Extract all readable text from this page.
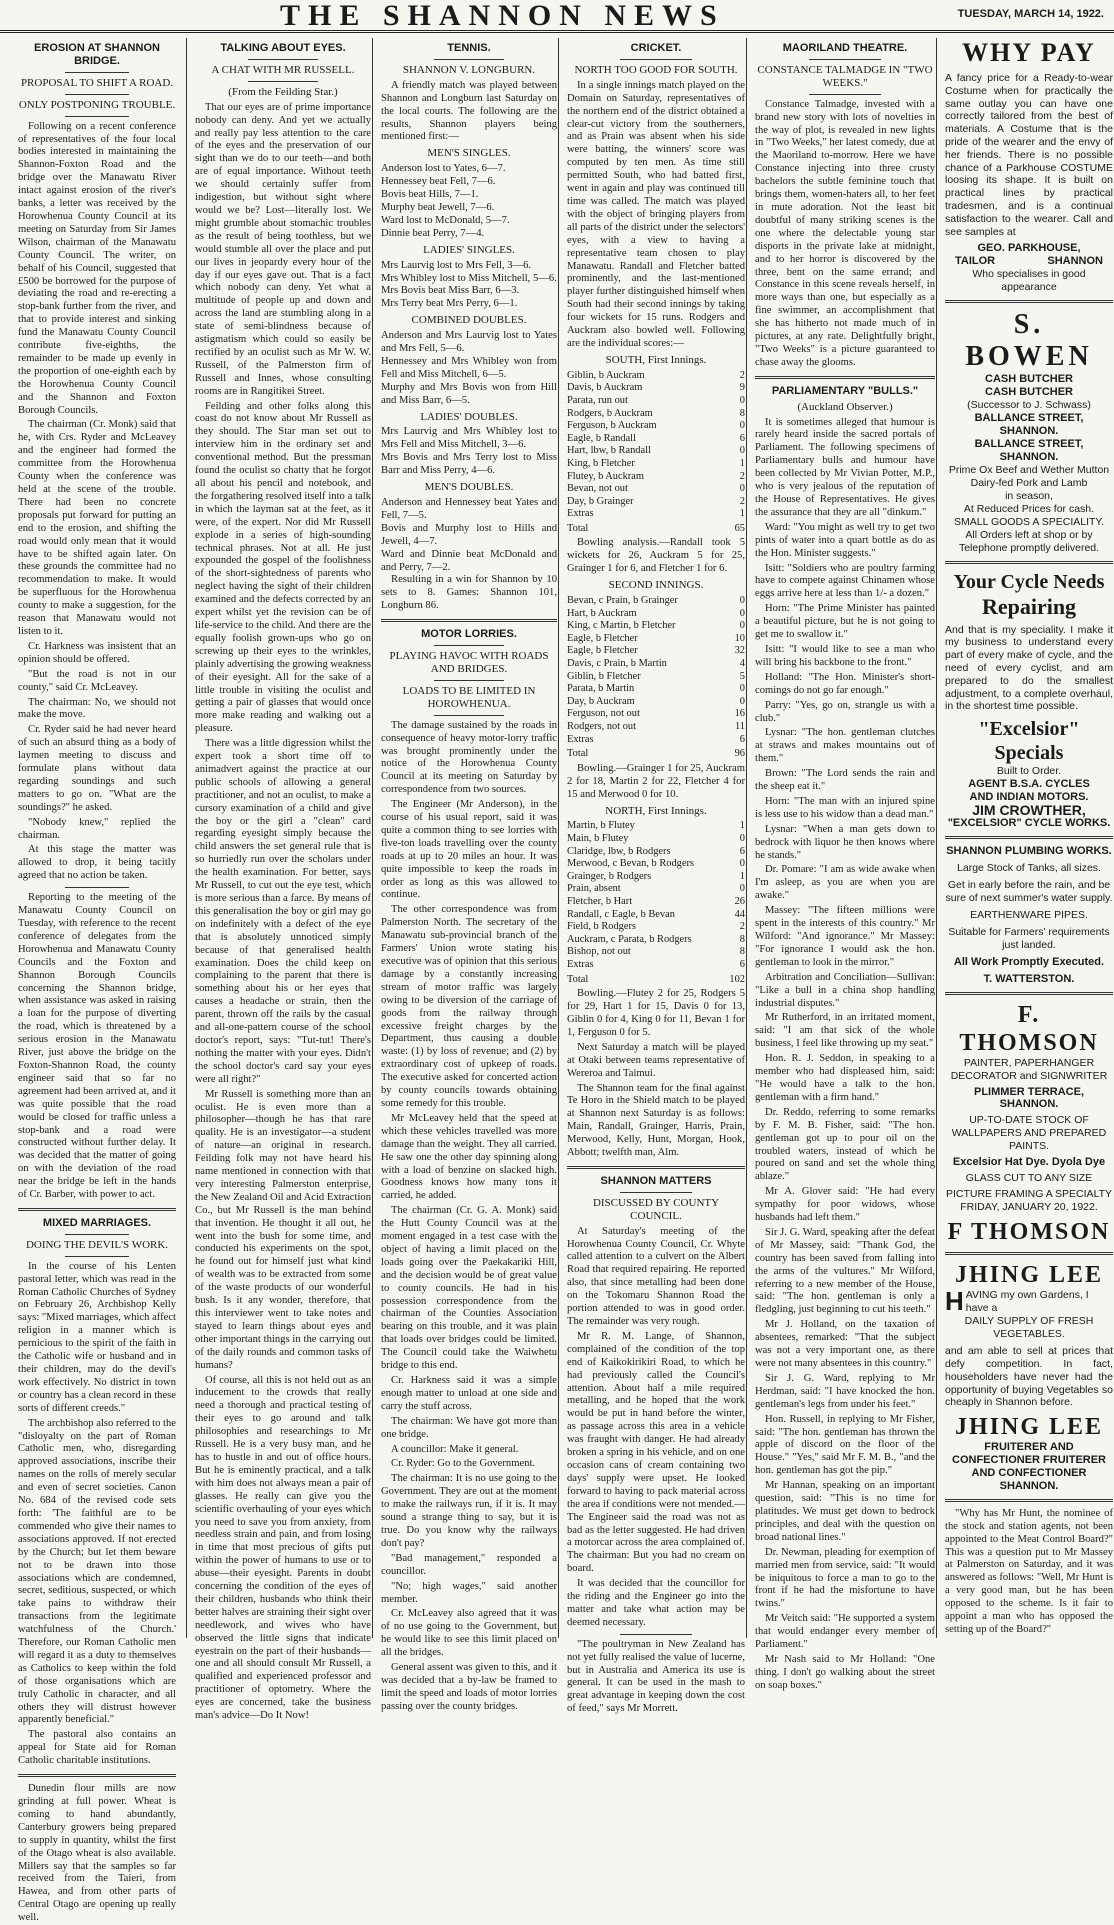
THE SHANNON NEWS	TUESDAY, MARCH 14, 1922.
EROSION AT SHANNON BRIDGE.
PROPOSAL TO SHIFT A ROAD.
ONLY POSTPONING TROUBLE.

Following on a recent conference of representatives of the four local bodies interested in maintaining the Shannon-Foxton Road and the bridge over the Manawatu River intact against erosion of the river's banks, a letter was received by the Horowhenua County Council at its meeting on Saturday from Sir James Wilson, chairman of the Manawatu County Council. The writer, on behalf of his Council, suggested that £500 be borrowed for the purpose of deviating the road and re-erecting a stop-bank further from the river, and that to provide interest and sinking fund the Manawatu County Council contribute five-eighths, the remainder to be made up evenly in the proportion of one-eighth each by the Horowhenua County Council and the Shannon and Foxton Borough Councils.

The chairman (Cr. Monk) said that he, with Crs. Ryder and McLeavey and the engineer had formed the committee from the Horowhenua County when the conference was held at the scene of the trouble. There had been no concrete proposals put forward for putting an end to the erosion, and shifting the road would only mean that it would have to be shifted again later. On these grounds the committee had no recommendation to make. It would be superfluous for the Horowhenua county to make a suggestion, for the reason that Manawatu would not listen to it.

Cr. Harkness was insistent that an opinion should be offered.

"But the road is not in our county," said Cr. McLeavey.

The chairman: No, we should not make the move.

Cr. Ryder said he had never heard of such an absurd thing as a body of laymen meeting to discuss and formulate plans without data regarding soundings and such matters to go on. "What are the soundings?" he asked.

"Nobody knew," replied the chairman.

At this stage the matter was allowed to drop, it being tacitly agreed that no action be taken.

Reporting to the meeting of the Manawatu County Council on Tuesday, with reference to the recent conference of delegates from the Horowhenua and Manawatu County Councils and the Foxton and Shannon Borough Councils concerning the Shannon bridge, when assistance was asked in raising a loan for the purpose of diverting the road, which is threatened by a serious erosion in the Manawatu River, just above the bridge on the Foxton-Shannon Road, the county engineer said that so far no agreement had been arrived at, and it was quite possible that the road would be closed for traffic unless a stop-bank and a road were constructed without further delay. It was decided that the matter of going on with the deviation of the road near the bridge be left in the hands of Cr. Barber, with power to act.

MIXED MARRIAGES.
DOING THE DEVIL'S WORK.

In the course of his Lenten pastoral letter, which was read in the Roman Catholic Churches of Sydney on February 26, Archbishop Kelly says: "Mixed marriages, which affect religion in a manner which is pernicious to the spirit of the faith in the Catholic wife or husband and in their children, may do the devil's work effectively. No district in town or country has a clean record in these sorts of different creeds."

The archbishop also referred to the "disloyalty on the part of Roman Catholic men, who, disregarding approved associations, inscribe their names on the rolls of merely secular and even of secret societies. Canon No. 684 of the revised code sets forth: 'The faithful are to be commended who give their names to associations approved. If not erected by the Church; but let them beware not to be drawn into those associations which are condemned, secret, seditious, suspected, or which take pains to withdraw their transactions from the legitimate watchfulness of the Church.' Therefore, our Roman Catholic men will regard it as a duty to themselves as Catholics to keep within the fold of those organisations which are truly Catholic in character, and all others they will distrust however apparently beneficial."

The pastoral also contains an appeal for State aid for Roman Catholic charitable institutions.

Dunedin flour mills are now grinding at full power. Wheat is coming to hand abundantly, Canterbury growers being prepared to supply in quantity, whilst the first of the Otago wheat is also available. Millers say that the samples so far received from the Taieri, from Hawea, and from other parts of Central Otago are opening up really well.

TALKING ABOUT EYES.
A CHAT WITH MR RUSSELL.
(From the Feilding Star.)

That our eyes are of prime importance nobody can deny. And yet we actually and really pay less attention to the care of the eyes and the preservation of our sight than we do to our teeth—and both are of equal importance. Without teeth we should certainly suffer from indigestion, but without sight where would we be? Lost—literally lost. We might grumble about stomachic troubles as the result of being toothless, but we would stumble all over the place and put our lives in jeopardy every hour of the day if our eyes gave out. That is a fact which nobody can deny. Yet what a multitude of people up and down and across the land are stumbling along in a state of semi-blindness because of astigmatism which could so easily be rectified by an oculist such as Mr W. W. Russell, of the Palmerston firm of Russell and Innes, whose consulting rooms are in Rangitikei Street.

Feilding and other folks along this coast do not know about Mr Russell as they should. The Star man set out to interview him in the ordinary set and conventional method. But the pressman found the oculist so chatty that he forgot all about his pencil and notebook, and the forgathering resolved itself into a talk in which the layman sat at the feet, as it were, of the expert. Nor did Mr Russell explode in a series of high-sounding technical phrases. Not at all. He just expounded the gospel of the foolishness of the short-sightedness of parents who neglect having the sight of their children examined and the defects corrected by an expert whilst yet the revision can be of life-service to the child. And there are the equally foolish grown-ups who go on screwing up their eyes to the wrinkles, plainly advertising the growing weakness of their eyesight. All for the sake of a little trouble in visiting the oculist and getting a pair of glasses that would once more make reading and walking out a pleasure.

There was a little digression whilst the expert took a short time off to animadvert against the practice at our public schools of allowing a general practitioner, and not an oculist, to make a cursory examination of a child and give the boy or the girl a "clean" card regarding eyesight simply because the child answers the set general rule that is so hurriedly run over the scholars under the health examination. For better, says Mr Russell, to cut out the eye test, which is more serious than a farce. By means of this generalisation the boy or girl may go on indefinitely with a defect of the eye that is absolutely unnoticed simply because of that generalised health examination. Does the child keep on complaining to the parent that there is something about his or her eyes that causes a headache or strain, then the parent, thrown off the rails by the casual and all-one-pattern course of the school doctor's report, says: "Tut-tut! There's nothing the matter with your eyes. Didn't the school doctor's card say your eyes were all right?"

Mr Russell is something more than an oculist. He is even more than a philosopher—though he has that rare quality. He is an investigator—a student of nature—an original in research. Feilding folk may not have heard his name mentioned in connection with that very interesting Palmerston enterprise, the New Zealand Oil and Acid Extraction Co., but Mr Russell is the man behind that invention. He thought it all out, he went into the bush for some time, and conducted his experiments on the spot, he found out for himself just what kind of wealth was to be extracted from some of the waste products of our wonderful bush. Is it any wonder, therefore, that this interviewer went to take notes and stayed to learn things about eyes and other important things in the carrying out of the daily rounds and common tasks of humans?

Of course, all this is not held out as an inducement to the crowds that really need a thorough and practical testing of their eyes to go around and talk philosophies and researchings to Mr Russell. He is a very busy man, and he has to hustle in and out of office hours. But he is eminently practical, and a talk with him does not always mean a pair of glasses. He really can give you the scientific overhauling of your eyes which you need to save you from anxiety, from needless strain and pain, and from losing in time that most precious of gifts put within the power of humans to use or to abuse—their eyesight. Parents in doubt concerning the condition of the eyes of their children, husbands who think their better halves are straining their sight over needlework, and wives who have observed the little signs that indicate eyestrain on the part of their husbands—one and all should consult Mr Russell, a qualified and experienced professor and practitioner of optometry. Where the eyes are concerned, take the business man's advice—Do It Now!

TENNIS.
SHANNON V. LONGBURN.

A friendly match was played between Shannon and Longburn last Saturday on the local courts. The following are the results, Shannon players being mentioned first:—

MEN'S SINGLES.
Anderson lost to Yates, 6—7.
Hennessey beat Fell, 7—6.
Bovis beat Hills, 7—1.
Murphy beat Jewell, 7—6.
Ward lost to McDonald, 5—7.
Dinnie beat Perry, 7—4.
LADIES' SINGLES.
Mrs Laurvig lost to Mrs Fell, 3—6.
Mrs Whibley lost to Miss Mitchell, 5—6.
Mrs Bovis beat Miss Barr, 6—3.
Mrs Terry beat Mrs Perry, 6—1.
COMBINED DOUBLES.
Anderson and Mrs Laurvig lost to Yates and Mrs Fell, 5—6.
Hennessey and Mrs Whibley won from Fell and Miss Mitchell, 6—5.
Murphy and Mrs Bovis won from Hill and Miss Barr, 6—5.
LADIES' DOUBLES.
Mrs Laurvig and Mrs Whibley lost to Mrs Fell and Miss Mitchell, 3—6.
Mrs Bovis and Mrs Terry lost to Miss Barr and Miss Perry, 4—6.
MEN'S DOUBLES.
Anderson and Hennessey beat Yates and Fell, 7—5.
Bovis and Murphy lost to Hills and Jewell, 4—7.
Ward and Dinnie beat McDonald and and Perry, 7—2.

Resulting in a win for Shannon by 10 sets to 8. Games: Shannon 101, Longburn 86.

MOTOR LORRIES.
PLAYING HAVOC WITH ROADS AND BRIDGES.
LOADS TO BE LIMITED IN HOROWHENUA.

The damage sustained by the roads in consequence of heavy motor-lorry traffic was brought prominently under the notice of the Horowhenua County Council at its meeting on Saturday by correspondence from two sources.

The Engineer (Mr Anderson), in the course of his usual report, said it was quite a common thing to see lorries with five-ton loads travelling over the county roads at up to 20 miles an hour. It was quite impossible to keep the roads in order as long as this was allowed to continue.

The other correspondence was from Palmerston North. The secretary of the Manawatu sub-provincial branch of the Farmers' Union wrote stating his executive was of opinion that this serious damage by a constantly increasing stream of motor traffic was largely owing to be diversion of the carriage of goods from the railway through excessive freight charges by the Department, thus causing a double waste: (1) by loss of revenue; and (2) by extraordinary cost of upkeep of roads. The executive asked for concerted action by county councils towards obtaining some remedy for this trouble.

Mr McLeavey held that the speed at which these vehicles travelled was more damage than the weight. They all carried. He saw one the other day spinning along with a load of benzine on slacked high. Goodness knows how many tons it carried, he added.

The chairman (Cr. G. A. Monk) said the Hutt County Council was at the moment engaged in a test case with the object of having a limit placed on the loads going over the Paekakariki Hill, and the decision would be of great value to county councils. He had in his possession correspondence from the chairman of the Counties Association bearing on this trouble, and it was plain that loads over bridges could be limited. The Council could take the Waiwhetu bridge to this end.

Cr. Harkness said it was a simple enough matter to unload at one side and carry the stuff across.

The chairman: We have got more than one bridge.

A councillor: Make it general.

Cr. Ryder: Go to the Government.

The chairman: It is no use going to the Government. They are out at the moment to make the railways run, if it is. It may sound a strange thing to say, but it is true. Do you know why the railways don't pay?

"Bad management," responded a councillor.

"No; high wages," said another member.

Cr. McLeavey also agreed that it was of no use going to the Government, but he would like to see this limit placed on all the bridges.

General assent was given to this, and it was decided that a by-law be framed to limit the speed and loads of motor lorries passing over the county bridges.

CRICKET.
NORTH TOO GOOD FOR SOUTH.

In a single innings match played on the Domain on Saturday, representatives of the northern end of the district obtained a clear-cut victory from the southerners, and as Prain was absent when his side were batting, the winners' score was computed by ten men. As time still permitted South, who had batted first, went in again and play was continued till time was called. The match was played with the object of bringing players from all parts of the district under the selectors' eyes, with a view to having a representative team chosen to play Manawatu. Randall and Fletcher batted prominently, and the last-mentioned player further distinguished himself when South had their second innings by taking four wickets for 15 runs. Rodgers and Auckram also bowled well. Following are the individual scores:—

SOUTH, First Innings.
Giblin, b Auckram	2
Davis, b Auckram	9
Parata, run out	0
Rodgers, b Auckram	8
Ferguson, b Auckram	0
Eagle, b Randall	6
Hart, lbw, b Randall	0
King, b Fletcher	1
Flutey, b Auckram	2
Bevan, not out	0
Day, b Grainger	2
Extras	1
Total	65

Bowling analysis.—Randall took 5 wickets for 26, Auckram 5 for 25, Grainger 1 for 6, and Fletcher 1 for 6.

SECOND INNINGS.
Bevan, c Prain, b Grainger	0
Hart, b Auckram	0
King, c Martin, b Fletcher	0
Eagle, b Fletcher	10
Eagle, b Fletcher	32
Davis, c Prain, b Martin	4
Giblin, b Fletcher	5
Parata, b Martin	0
Day, b Auckram	0
Ferguson, not out	16
Rodgers, not out	11
Extras	6
Total	96

Bowling.—Grainger 1 for 25, Auckram 2 for 18, Martin 2 for 22, Fletcher 4 for 15 and Merwood 0 for 10.

NORTH, First Innings.
Martin, b Flutey	1
Main, b Flutey	0
Claridge, lbw, b Rodgers	6
Merwood, c Bevan, b Rodgers	0
Grainger, b Rodgers	1
Prain, absent	0
Fletcher, b Hart	26
Randall, c Eagle, b Bevan	44
Field, b Rodgers	2
Auckram, c Parata, b Rodgers	8
Bishop, not out	8
Extras	6
Total	102

Bowling.—Flutey 2 for 25, Rodgers 5 for 29, Hart 1 for 15, Davis 0 for 13, Giblin 0 for 4, King 0 for 11, Bevan 1 for 1, Ferguson 0 for 5.

Next Saturday a match will be played at Otaki between teams representative of Wereroa and Taimui.

The Shannon team for the final against Te Horo in the Shield match to be played at Shannon next Saturday is as follows: Main, Randall, Grainger, Harris, Prain, Merwood, Kelly, Hunt, Morgan, Hook, Abbott; twelfth man, Alm.

SHANNON MATTERS
DISCUSSED BY COUNTY COUNCIL.

At Saturday's meeting of the Horowhenua County Council, Cr. Whyte called attention to a culvert on the Albert Road that required repairing. He reported also, that since metalling had been done on the Tokomaru Shannon Road the portion attended to was in good order. The remainder was very rough.

Mr R. M. Lange, of Shannon, complained of the condition of the top end of Kaikokirikiri Road, to which he had previously called the Council's attention. About half a mile required metalling, and he hoped that the work would be put in hand before the winter, as passage across this area in a vehicle was fraught with danger. He had already broken a spring in his vehicle, and on one occasion cans of cream containing two days' supply were upset. He looked forward to having to pack material across the area if conditions were not mended.—The Engineer said the road was not as bad as the letter suggested. He had driven a motorcar across the area complained of. The chairman: But you had no cream on board.

It was decided that the councillor for the riding and the Engineer go into the matter and take what action may be deemed necessary.

"The poultryman in New Zealand has not yet fully realised the value of lucerne, but in Australia and America its use is general. It can be used in the mash to great advantage in keeping down the cost of feed," says Mr Morrett.

MAORILAND THEATRE.
CONSTANCE TALMADGE IN "TWO WEEKS."

Constance Talmadge, invested with a brand new story with lots of novelties in the way of plot, is revealed in new lights in "Two Weeks," her latest comedy, due at the Maoriland to-morrow. Here we have Constance injecting into three crusty bachelors the subtle feminine touch that brings them, women-haters all, to her feet in mute adoration. Not the least bit doubtful of many striking scenes is the one where the delectable young star disports in the private lake at midnight, and to her horror is discovered by the three, bent on the same errand; and Constance in this scene reveals herself, in more ways than one, but especially as a fine swimmer, an accomplishment that she has hitherto not made much of in pictures, at any rate. Delightfully bright, "Two Weeks" is a picture guaranteed to chase away the glooms.

PARLIAMENTARY "BULLS."
(Auckland Observer.)

It is sometimes alleged that humour is rarely heard inside the sacred portals of Parliament. The following specimens of Parliamentary bulls and humour have been collected by Mr Vivian Potter, M.P., who is very jealous of the reputation of the House of Representatives. He gives the assurance that they are all "dinkum."

Ward: "You might as well try to get two pints of water into a quart bottle as do as the Hon. Minister suggests."

Isitt: "Soldiers who are poultry farming have to compete against Chinamen whose eggs arrive here at less than 1/- a dozen."

Horn: "The Prime Minister has painted a beautiful picture, but he is not going to get me to swallow it."

Isitt: "I would like to see a man who will bring his backbone to the front."

Holland: "The Hon. Minister's short-comings do not go far enough."

Parry: "Yes, go on, strangle us with a club."

Lysnar: "The hon. gentleman clutches at straws and makes mountains out of them."

Brown: "The Lord sends the rain and the sheep eat it."

Horn: "The man with an injured spine is less use to his widow than a dead man."

Lysnar: "When a man gets down to bedrock with liquor he then knows where he stands."

Dr. Pomare: "I am as wide awake when I'm asleep, as you are when you are awake."

Massey: "The fifteen millions were spent in the interests of this country." Mr Wilford: "And ignorance." Mr Massey: "For ignorance I would ask the hon. gentleman to look in the mirror."

Arbitration and Conciliation—Sullivan: "Like a bull in a china shop handling industrial disputes."

Mr Rutherford, in an irritated moment, said: "I am that sick of the whole business, I feel like throwing up my seat."

Hon. R. J. Seddon, in speaking to a member who had displeased him, said: "He would have a talk to the hon. gentleman with a firm hand."

Dr. Reddo, referring to some remarks by F. M. B. Fisher, said: "The hon. gentleman got up to pour oil on the troubled waters, instead of which he poured on sand and set the whole thing ablaze."

Mr A. Glover said: "He had every sympathy for poor widows, whose husbands had left them."

Sir J. G. Ward, speaking after the defeat of Mr Massey, said: "Thank God, the country has been saved from falling into the arms of the vultures." Mr Wilford, referring to a new member of the House, said: "The hon. gentleman is only a fledgling, just beginning to cut his teeth."

Mr J. Holland, on the taxation of absentees, remarked: "That the subject was not a very important one, as there were not many absentees in this country."

Sir J. G. Ward, replying to Mr Herdman, said: "I have knocked the hon. gentleman's legs from under his feet."

Hon. Russell, in replying to Mr Fisher, said: "The hon. gentleman has thrown the apple of discord on the floor of the House." "Yes," said Mr F. M. B., "and the hon. gentleman has got the pip."

Mr Hannan, speaking on an important question, said: "This is no time for platitudes. We must get down to bedrock principles, and deal with the question on broad national lines."

Dr. Newman, pleading for exemption of married men from service, said: "It would be iniquitous to force a man to go to the front if he had the misfortune to have twins."

Mr Veitch said: "He supported a system that would endanger every member of Parliament."

Mr Nash said to Mr Holland: "One thing. I don't go walking about the street on soap boxes."

WHY PAY
A fancy price for a Ready-to-wear Costume when for practically the same outlay you can have one correctly tailored from the best of materials. A Costume that is the pride of the wearer and the envy of her friends. There is no possible chance of a Parkhouse COSTUME loosing its shape. It is built on practical lines by practical tradesmen, and is a continual satisfaction to the wearer. Call and see samples at
GEO. PARKHOUSE,
TAILOR	SHANNON
Who specialises in good appearance
S. BOWEN
CASH BUTCHER
CASH BUTCHER
(Successor to J. Schwass)
BALLANCE STREET, SHANNON.
BALLANCE STREET, SHANNON.
Prime Ox Beef and Wether Mutton
Dairy-fed Pork and Lamb
in season,
At Reduced Prices for cash.
SMALL GOODS A SPECIALITY.
All Orders left at shop or by Telephone promptly delivered.
Your Cycle Needs
Repairing
And that is my speciality. I make it my business to understand every part of every make of cycle, and the need of every cyclist, and am prepared to do the smallest adjustment, to a complete overhaul, in the shortest time possible.
"Excelsior" Specials
Built to Order.
AGENT B.S.A. CYCLES
AND INDIAN MOTORS.
JIM CROWTHER,
"EXCELSIOR" CYCLE WORKS.
SHANNON PLUMBING WORKS.
Large Stock of Tanks, all sizes.
Get in early before the rain, and be sure of next summer's water supply.
EARTHENWARE PIPES.
Suitable for Farmers' requirements just landed.
All Work Promptly Executed.
T. WATTERSTON.
F. THOMSON
PAINTER, PAPERHANGER DECORATOR and SIGNWRITER
PLIMMER TERRACE, SHANNON.
UP-TO-DATE STOCK OF WALLPAPERS AND PREPARED PAINTS.
Excelsior Hat Dye. Dyola Dye
GLASS CUT TO ANY SIZE
PICTURE FRAMING A SPECIALTY FRIDAY, JANUARY 20, 1922.
F THOMSON
JHING LEE
H AVING my own Gardens, I have a
DAILY SUPPLY OF FRESH VEGETABLES.
and am able to sell at prices that defy competition. In fact, householders have never had the opportunity of buying Vegetables so cheaply in Shannon before.
JHING LEE
FRUITERER AND CONFECTIONER FRUITERER AND CONFECTIONER SHANNON.

"Why has Mr Hunt, the nominee of the stock and station agents, not been appointed to the Meat Control Board?" This was a question put to Mr Massey at Palmerston on Saturday, and it was answered as follows: "Well, Mr Hunt is a very good man, but he has been opposed to the scheme. Is it fair to appoint a man who has opposed the setting up of the Board?"
